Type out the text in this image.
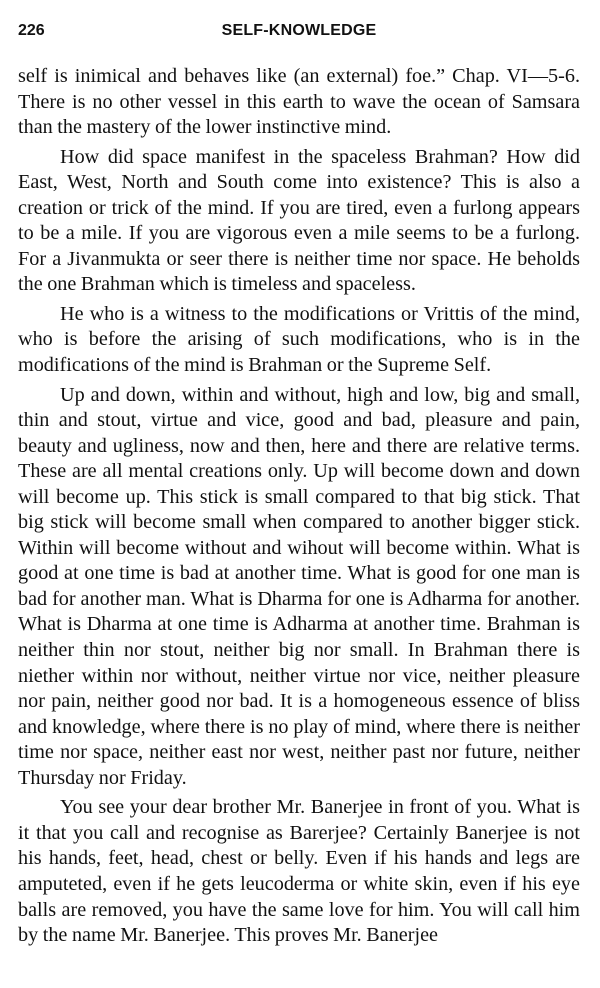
226	SELF-KNOWLEDGE

self is inimical and behaves like (an external) foe.” Chap. VI—5-6. There is no other vessel in this earth to wave the ocean of Samsara than the mastery of the lower instinctive mind.

How did space manifest in the spaceless Brahman? How did East, West, North and South come into existence? This is also a creation or trick of the mind. If you are tired, even a furlong appears to be a mile. If you are vigorous even a mile seems to be a furlong. For a Jivanmukta or seer there is neither time nor space. He beholds the one Brahman which is timeless and spaceless.

He who is a witness to the modifications or Vrittis of the mind, who is before the arising of such modifications, who is in the modifications of the mind is Brahman or the Supreme Self.

Up and down, within and without, high and low, big and small, thin and stout, virtue and vice, good and bad, pleasure and pain, beauty and ugliness, now and then, here and there are relative terms. These are all mental creations only. Up will become down and down will become up. This stick is small compared to that big stick. That big stick will become small when compared to another bigger stick. Within will become without and wihout will become within. What is good at one time is bad at another time. What is good for one man is bad for another man. What is Dharma for one is Adharma for another. What is Dharma at one time is Adharma at another time. Brahman is neither thin nor stout, neither big nor small. In Brahman there is niether within nor without, neither virtue nor vice, neither pleasure nor pain, neither good nor bad. It is a homogeneous essence of bliss and knowledge, where there is no play of mind, where there is neither time nor space, neither east nor west, neither past nor future, neither Thursday nor Friday.

You see your dear brother Mr. Banerjee in front of you. What is it that you call and recognise as Barerjee? Certainly Banerjee is not his hands, feet, head, chest or belly. Even if his hands and legs are amputeted, even if he gets leucoderma or white skin, even if his eye balls are removed, you have the same love for him. You will call him by the name Mr. Banerjee. This proves Mr. Banerjee
